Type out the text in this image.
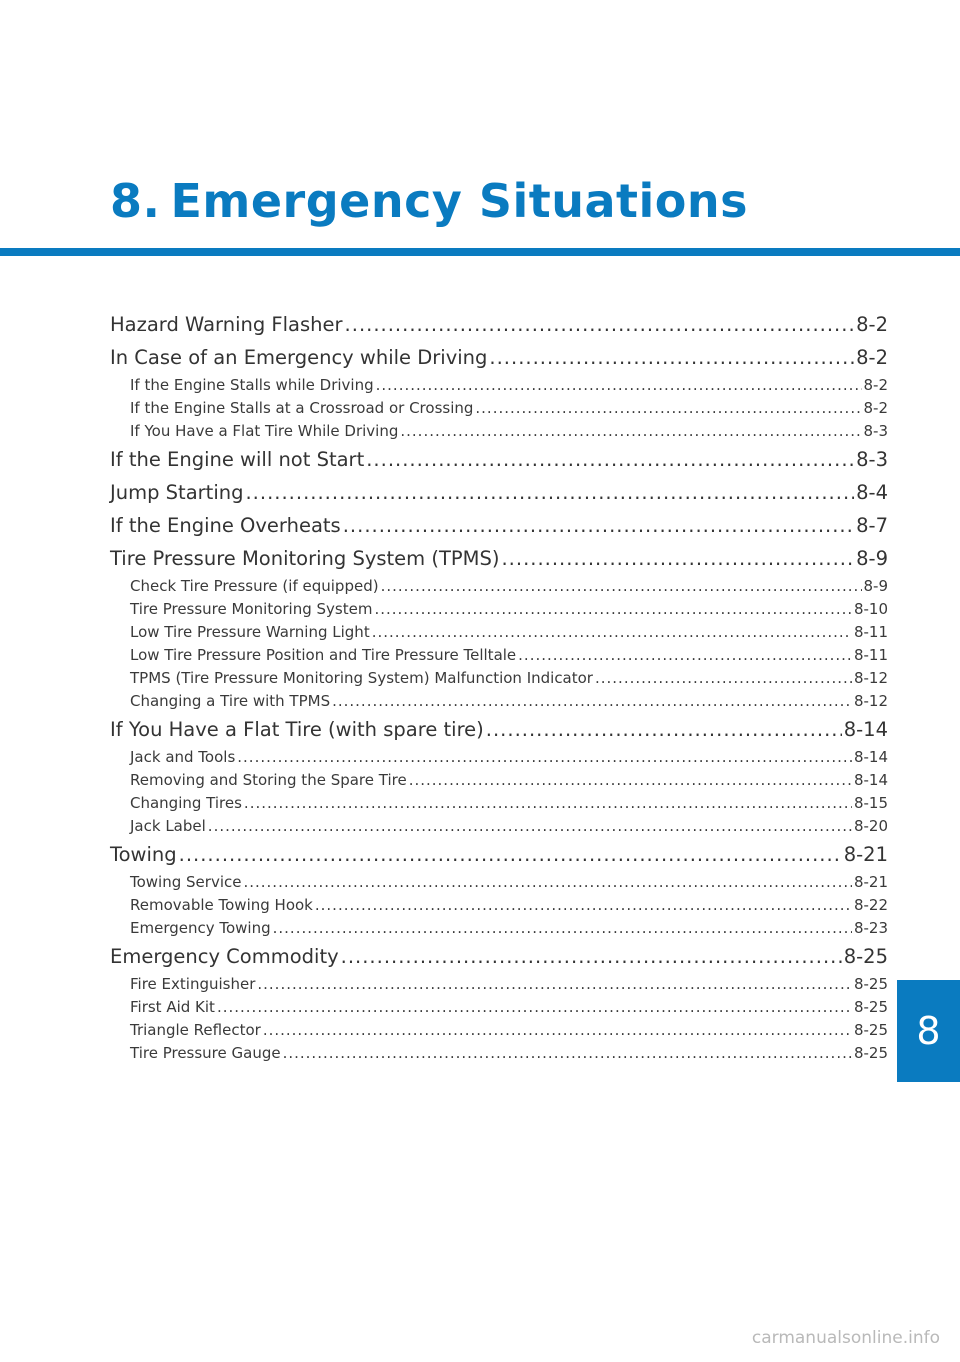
8. Emergency Situations
Hazard Warning Flasher .....	8-2
In Case of an Emergency while Driving .....	8-2
If the Engine Stalls while Driving .....	8-2
If the Engine Stalls at a Crossroad or Crossing .....	8-2
If You Have a Flat Tire While Driving .....	8-3
If the Engine will not Start .....	8-3
Jump Starting .....	8-4
If the Engine Overheats .....	8-7
Tire Pressure Monitoring System (TPMS) .....	8-9
Check Tire Pressure (if equipped) .....	8-9
Tire Pressure Monitoring System .....	8-10
Low Tire Pressure Warning Light .....	8-11
Low Tire Pressure Position and Tire Pressure Telltale .....	8-11
TPMS (Tire Pressure Monitoring System) Malfunction Indicator .....	8-12
Changing a Tire with TPMS .....	8-12
If You Have a Flat Tire (with spare tire) .....	8-14
Jack and Tools .....	8-14
Removing and Storing the Spare Tire .....	8-14
Changing Tires .....	8-15
Jack Label .....	8-20
Towing .....	8-21
Towing Service .....	8-21
Removable Towing Hook .....	8-22
Emergency Towing .....	8-23
Emergency Commodity .....	8-25
Fire Extinguisher .....	8-25
First Aid Kit .....	8-25
Triangle Reflector .....	8-25
Tire Pressure Gauge .....	8-25 8
carmanualsonline.info
